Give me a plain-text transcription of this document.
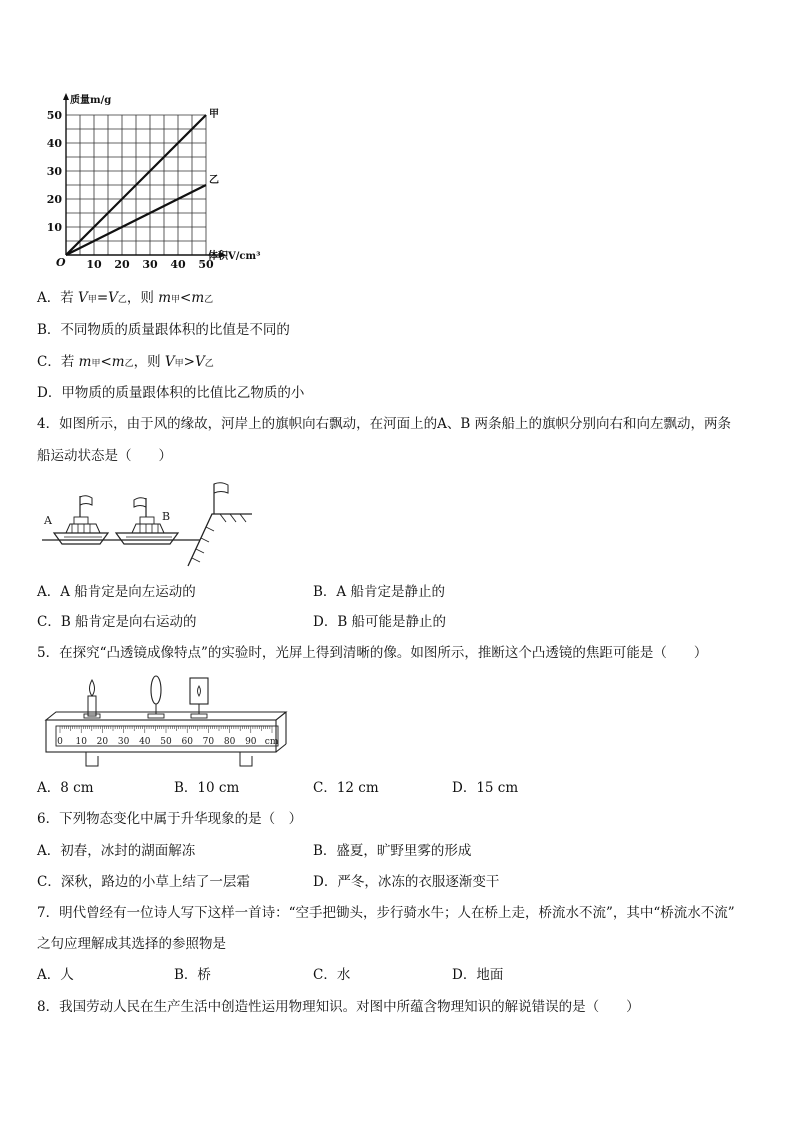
10 20 30 40 50
10
20
30
40
50
O
质量m/g
体积V/cm³
甲
乙
A．若 V甲=V乙，则 m甲<m乙
B．不同物质的质量跟体积的比值是不同的
C．若 m甲<m乙，则 V甲>V乙
D．甲物质的质量跟体积的比值比乙物质的小
4．如图所示，由于风的缘故，河岸上的旗帜向右飘动，在河面上的A、B 两条船上的旗帜分别向右和向左飘动，两条
船运动状态是（　　）
A	B
A．A 船肯定是向左运动的	B．A 船肯定是静止的
C．B 船肯定是向右运动的	D．B 船可能是静止的
5．在探究“凸透镜成像特点”的实验时，光屏上得到清晰的像。如图所示，推断这个凸透镜的焦距可能是（　　）
0 10 20 30 40 50 60 70 80 90 cm
A．8 cm	B．10 cm	C．12 cm	D．15 cm
6．下列物态变化中属于升华现象的是（　）
A．初春，冰封的湖面解冻	B．盛夏，旷野里雾的形成
C．深秋，路边的小草上结了一层霜	D．严冬，冰冻的衣服逐渐变干
7．明代曾经有一位诗人写下这样一首诗：“空手把锄头，步行骑水牛；人在桥上走，桥流水不流”，其中“桥流水不流”
之句应理解成其选择的参照物是
A．人	B．桥	C．水	D．地面
8．我国劳动人民在生产生活中创造性运用物理知识。对图中所蕴含物理知识的解说错误的是（　　）
